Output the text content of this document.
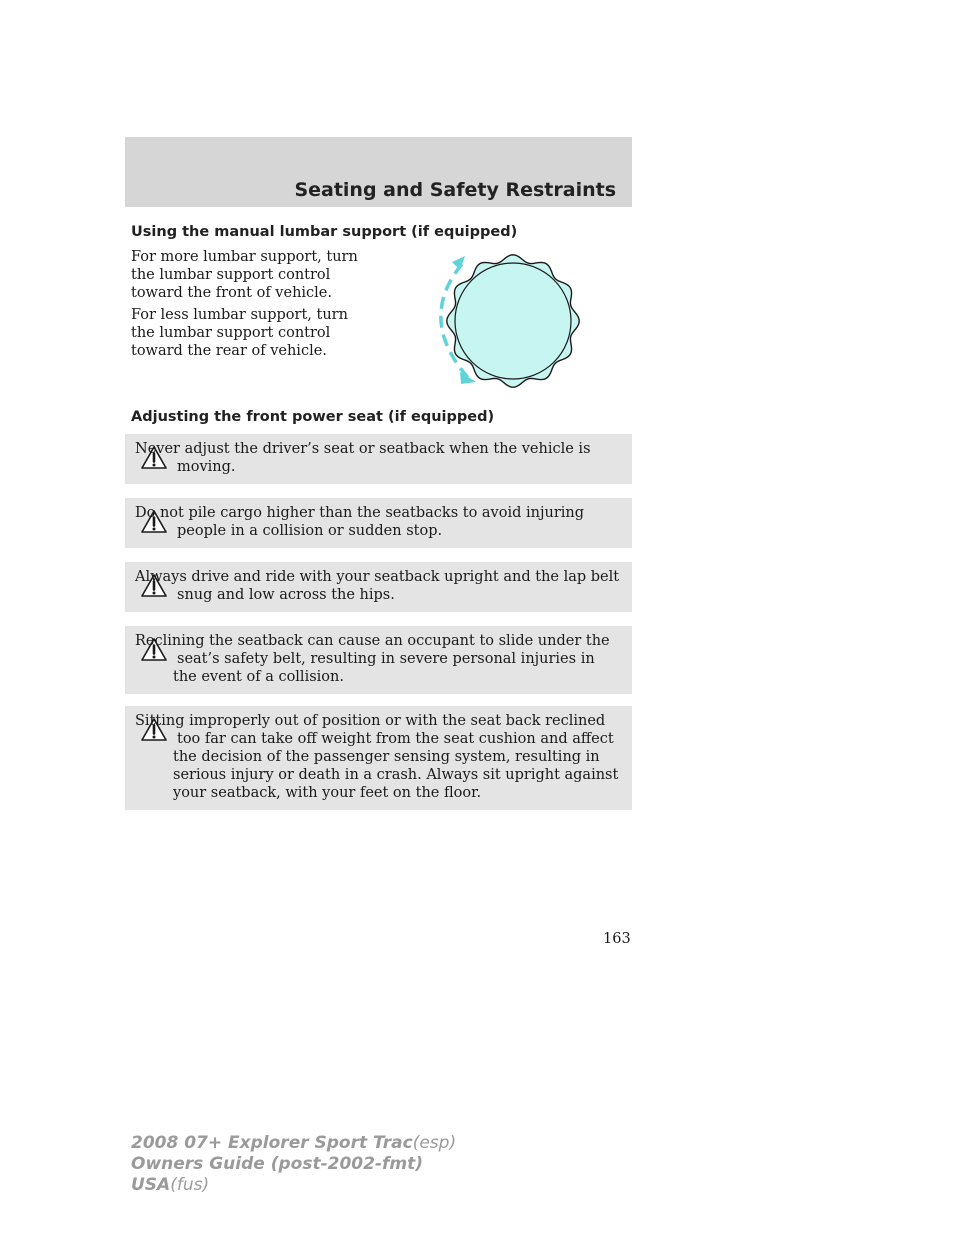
Seating and Safety Restraints
Using the manual lumbar support (if equipped)

For more lumbar support, turn the lumbar support control toward the front of vehicle.

For less lumbar support, turn the lumbar support control toward the rear of vehicle.

Adjusting the front power seat (if equipped)

Never adjust the driver’s seat or seatback when the vehicle is moving.

Do not pile cargo higher than the seatbacks to avoid injuring people in a collision or sudden stop.

Always drive and ride with your seatback upright and the lap belt snug and low across the hips.

Reclining the seatback can cause an occupant to slide under the seat’s safety belt, resulting in severe personal injuries in the event of a collision.

Sitting improperly out of position or with the seat back reclined too far can take off weight from the seat cushion and affect the decision of the passenger sensing system, resulting in serious injury or death in a crash. Always sit upright against your seatback, with your feet on the floor.

163
2008 07+ Explorer Sport Trac(esp)
Owners Guide (post-2002-fmt)
USA(fus)
